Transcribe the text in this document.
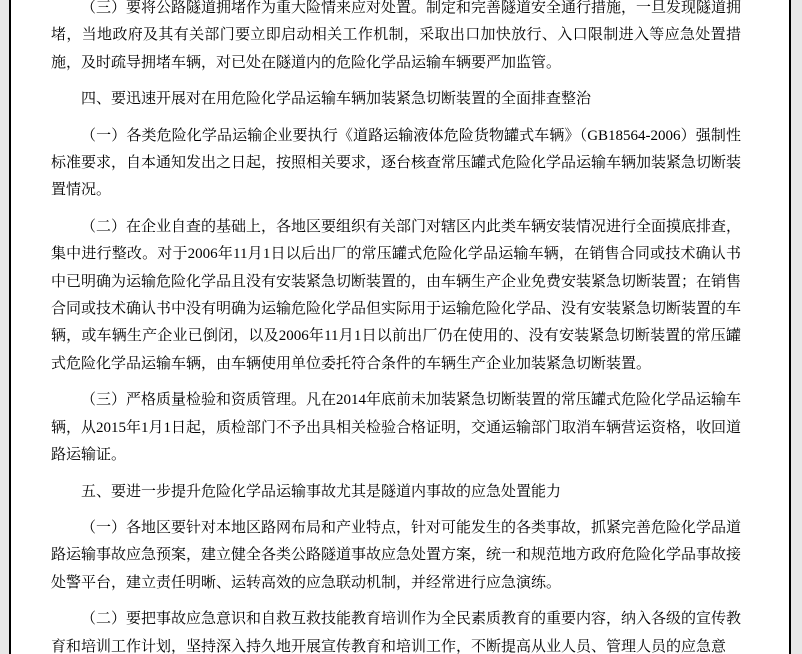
（三）要将公路隧道拥堵作为重大险情来应对处置。制定和完善隧道安全通行措施，一旦发现隧道拥堵，当地政府及其有关部门要立即启动相关工作机制，采取出口加快放行、入口限制进入等应急处置措施，及时疏导拥堵车辆，对已处在隧道内的危险化学品运输车辆要严加监管。

四、要迅速开展对在用危险化学品运输车辆加装紧急切断装置的全面排查整治

（一）各类危险化学品运输企业要执行《道路运输液体危险货物罐式车辆》（GB18564-2006）强制性标准要求，自本通知发出之日起，按照相关要求，逐台核查常压罐式危险化学品运输车辆加装紧急切断装置情况。

（二）在企业自查的基础上，各地区要组织有关部门对辖区内此类车辆安装情况进行全面摸底排查，集中进行整改。对于2006年11月1日以后出厂的常压罐式危险化学品运输车辆，在销售合同或技术确认书中已明确为运输危险化学品且没有安装紧急切断装置的，由车辆生产企业免费安装紧急切断装置；在销售合同或技术确认书中没有明确为运输危险化学品但实际用于运输危险化学品、没有安装紧急切断装置的车辆，或车辆生产企业已倒闭，以及2006年11月1日以前出厂仍在使用的、没有安装紧急切断装置的常压罐式危险化学品运输车辆，由车辆使用单位委托符合条件的车辆生产企业加装紧急切断装置。

（三）严格质量检验和资质管理。凡在2014年底前未加装紧急切断装置的常压罐式危险化学品运输车辆，从2015年1月1日起，质检部门不予出具相关检验合格证明，交通运输部门取消车辆营运资格，收回道路运输证。

五、要进一步提升危险化学品运输事故尤其是隧道内事故的应急处置能力

（一）各地区要针对本地区路网布局和产业特点，针对可能发生的各类事故，抓紧完善危险化学品道路运输事故应急预案，建立健全各类公路隧道事故应急处置方案，统一和规范地方政府危险化学品事故接处警平台，建立责任明晰、运转高效的应急联动机制，并经常进行应急演练。

（二）要把事故应急意识和自救互救技能教育培训作为全民素质教育的重要内容，纳入各级的宣传教育和培训工作计划，坚持深入持久地开展宣传教育和培训工作，不断提高从业人员、管理人员的应急意
